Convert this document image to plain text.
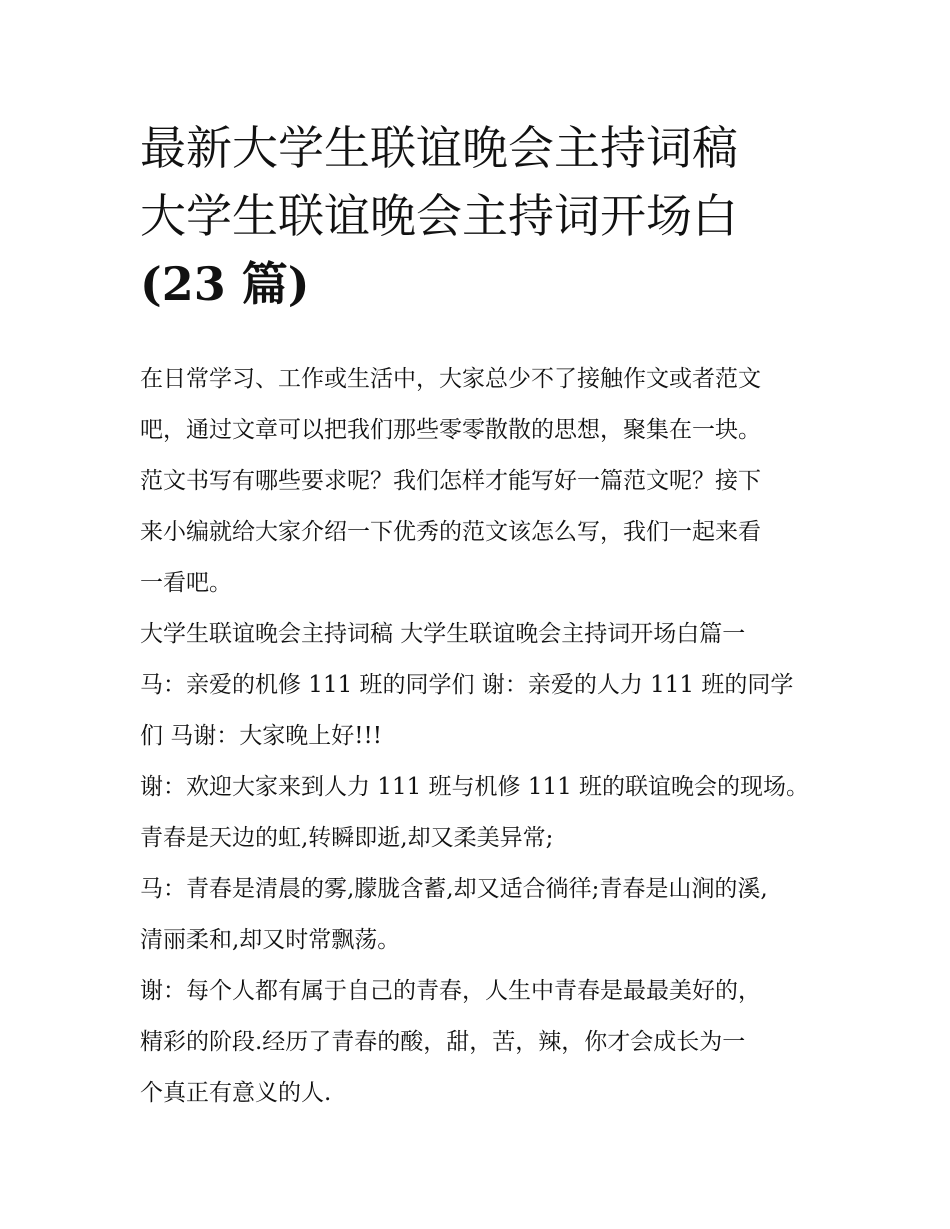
最新大学生联谊晚会主持词稿
大学生联谊晚会主持词开场白
(23 篇)
在日常学习、工作或生活中，大家总少不了接触作文或者范文
吧，通过文章可以把我们那些零零散散的思想，聚集在一块。
范文书写有哪些要求呢？我们怎样才能写好一篇范文呢？接下
来小编就给大家介绍一下优秀的范文该怎么写，我们一起来看
一看吧。
大学生联谊晚会主持词稿 大学生联谊晚会主持词开场白篇一
马：亲爱的机修 111 班的同学们 谢：亲爱的人力 111 班的同学
们 马谢：大家晚上好!!!
谢：欢迎大家来到人力 111 班与机修 111 班的联谊晚会的现场。
青春是天边的虹,转瞬即逝,却又柔美异常;
马：青春是清晨的雾,朦胧含蓄,却又适合徜徉;青春是山涧的溪,
清丽柔和,却又时常飘荡。
谢：每个人都有属于自己的青春，人生中青春是最最美好的，
精彩的阶段.经历了青春的酸，甜，苦，辣，你才会成长为一
个真正有意义的人.
